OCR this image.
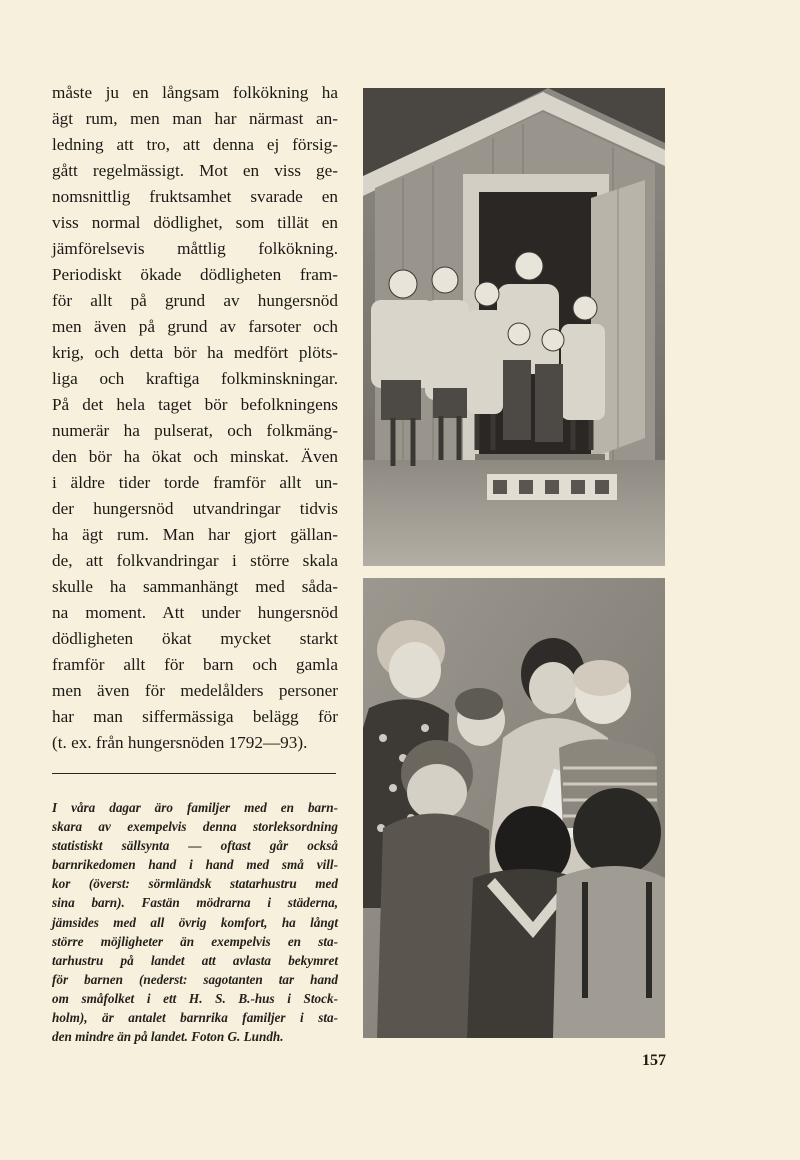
måste ju en långsam folkökning ha
ägt rum, men man har närmast an-
ledning att tro, att denna ej försig-
gått regelmässigt. Mot en viss ge-
nomsnittlig fruktsamhet svarade en
viss normal dödlighet, som tillät en
jämförelsevis måttlig folkökning.
Periodiskt ökade dödligheten fram-
för allt på grund av hungersnöd
men även på grund av farsoter och
krig, och detta bör ha medfört plöts-
liga och kraftiga folkminskningar.
På det hela taget bör befolkningens
numerär ha pulserat, och folkmäng-
den bör ha ökat och minskat. Även
i äldre tider torde framför allt un-
der hungersnöd utvandringar tidvis
ha ägt rum. Man har gjort gällan-
de, att folkvandringar i större skala
skulle ha sammanhängt med såda-
na moment. Att under hungersnöd
dödligheten ökat mycket starkt
framför allt för barn och gamla
men även för medelålders personer
har man siffermässiga belägg för
(t. ex. från hungersnöden 1792—93).
I våra dagar äro familjer med en barn-
skara av exempelvis denna storleksordning
statistiskt sällsynta — oftast går också
barnrikedomen hand i hand med små vill-
kor (överst: sörmländsk statarhustru med
sina barn). Fastän mödrarna i städerna,
jämsides med all övrig komfort, ha långt
större möjligheter än exempelvis en sta-
tarhustru på landet att avlasta bekymret
för barnen (nederst: sagotanten tar hand
om småfolket i ett H. S. B.-hus i Stock-
holm), är antalet barnrika familjer i sta-
den mindre än på landet. Foton G. Lundh.
157
